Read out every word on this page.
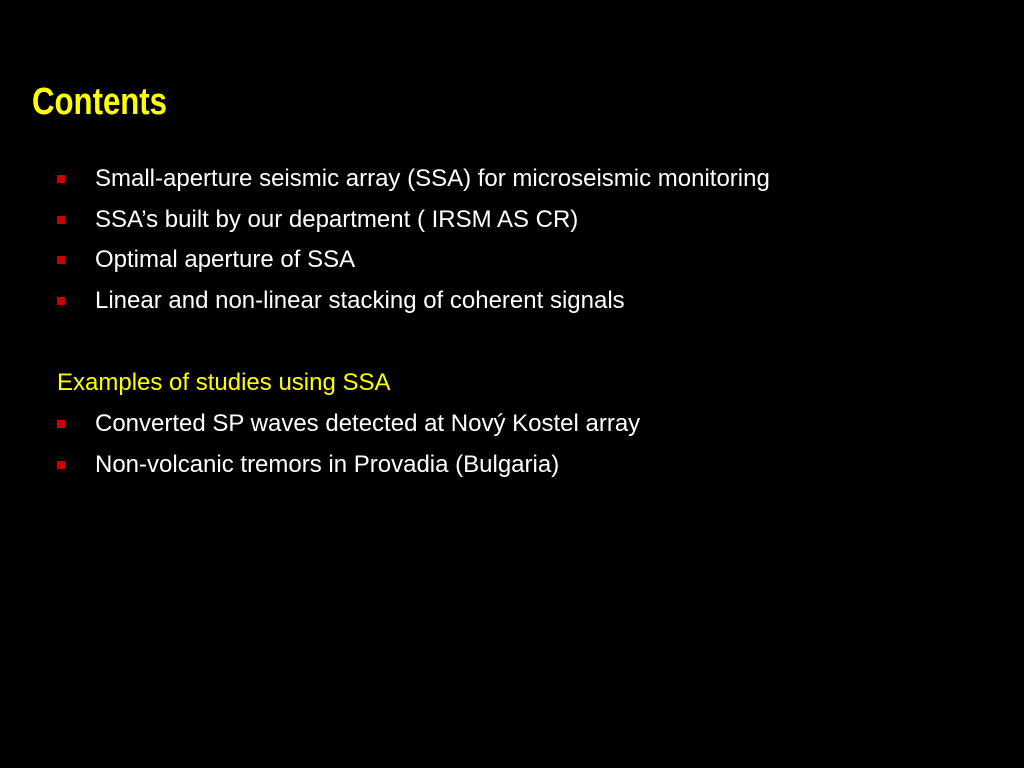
Contents
Small-aperture seismic array (SSA) for microseismic monitoring
SSA’s built by our department ( IRSM AS CR)
Optimal aperture of SSA
Linear and non-linear stacking of coherent signals
Examples of studies using SSA
Converted SP waves detected at Nový Kostel array
Non-volcanic tremors in Provadia (Bulgaria)
